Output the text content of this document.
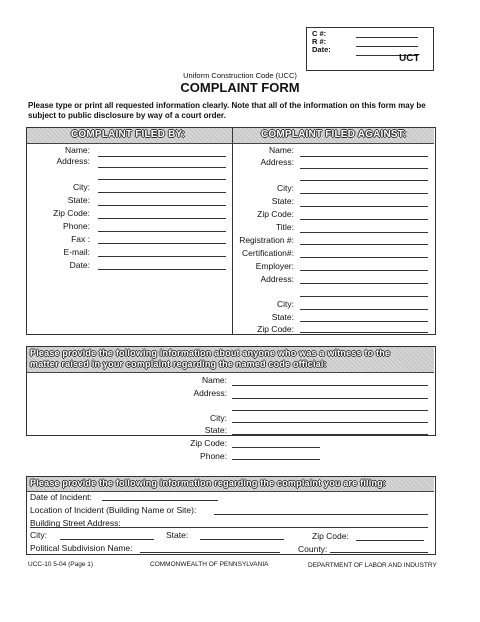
C #:
R #:
Date:
UCT
Uniform Construction Code (UCC)
COMPLAINT FORM
Please type or print all requested information clearly. Note that all of the information on this form may be subject to public disclosure by way of a court order.
COMPLAINT FILED BY:	COMPLAINT FILED AGAINST:
Name:
Address:
City:
State:
Zip Code:
Phone:
Fax :
E-mail:
Date:
Name:
Address:
City:
State:
Zip Code:
Title:
Registration #:
Certification#:
Employer:
Address:
City:
State:
Zip Code:
Please provide the following information about anyone who was a witness to the
matter raised in your complaint regarding the named code official:
Name:
Address:
City:
State:
Zip Code:
Phone:
Please provide the following information regarding the complaint you are filing:
Date of Incident:
Location of Incident (Building Name or Site):
Building Street Address:
City:	State:	Zip Code:
Political Subdivision Name:	County:
UCC-10 5-04 (Page 1)	COMMONWEALTH OF PENNSYLVANIA	DEPARTMENT OF LABOR AND INDUSTRY
